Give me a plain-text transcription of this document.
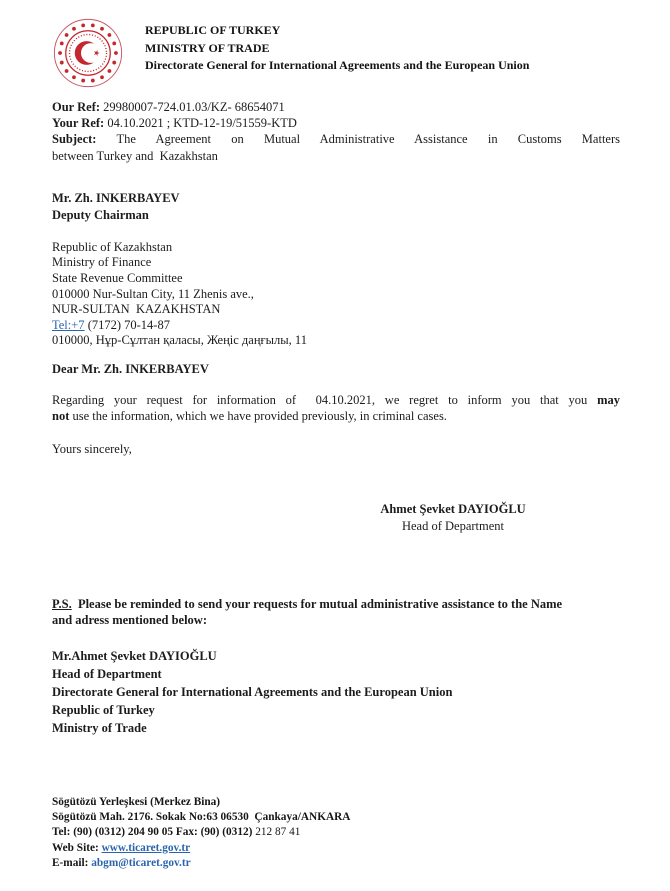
REPUBLIC OF TURKEY
MINISTRY OF TRADE
Directorate General for International Agreements and the European Union
Our Ref: 29980007-724.01.03/KZ- 68654071
Your Ref: 04.10.2021 ; KTD-12-19/51559-KTD
Subject: The Agreement on Mutual Administrative Assistance in Customs Matters
between Turkey and  Kazakhstan
Mr. Zh. INKERBAYEV
Deputy Chairman
Republic of Kazakhstan
Ministry of Finance
State Revenue Committee
010000 Nur-Sultan City, 11 Zhenis ave.,
NUR-SULTAN  KAZAKHSTAN
Tel:+7 (7172) 70-14-87
010000, Нұр-Сұлтан қаласы, Жеңіс даңғылы, 11
Dear Mr. Zh. INKERBAYEV
Regarding your request for information of  04.10.2021, we regret to inform you that you may
not use the information, which we have provided previously, in criminal cases.
Yours sincerely,
Ahmet Şevket DAYIOĞLU
Head of Department
P.S.  Please be reminded to send your requests for mutual administrative assistance to the Name
and adress mentioned below:
Mr.Ahmet Şevket DAYIOĞLU
Head of Department
Directorate General for International Agreements and the European Union
Republic of Turkey
Ministry of Trade
Sögütözü Yerleşkesi (Merkez Bina)
Sögütözü Mah. 2176. Sokak No:63 06530  Çankaya/ANKARA
Tel: (90) (0312) 204 90 05 Fax: (90) (0312) 212 87 41
Web Site: www.ticaret.gov.tr
E-mail: abgm@ticaret.gov.tr
